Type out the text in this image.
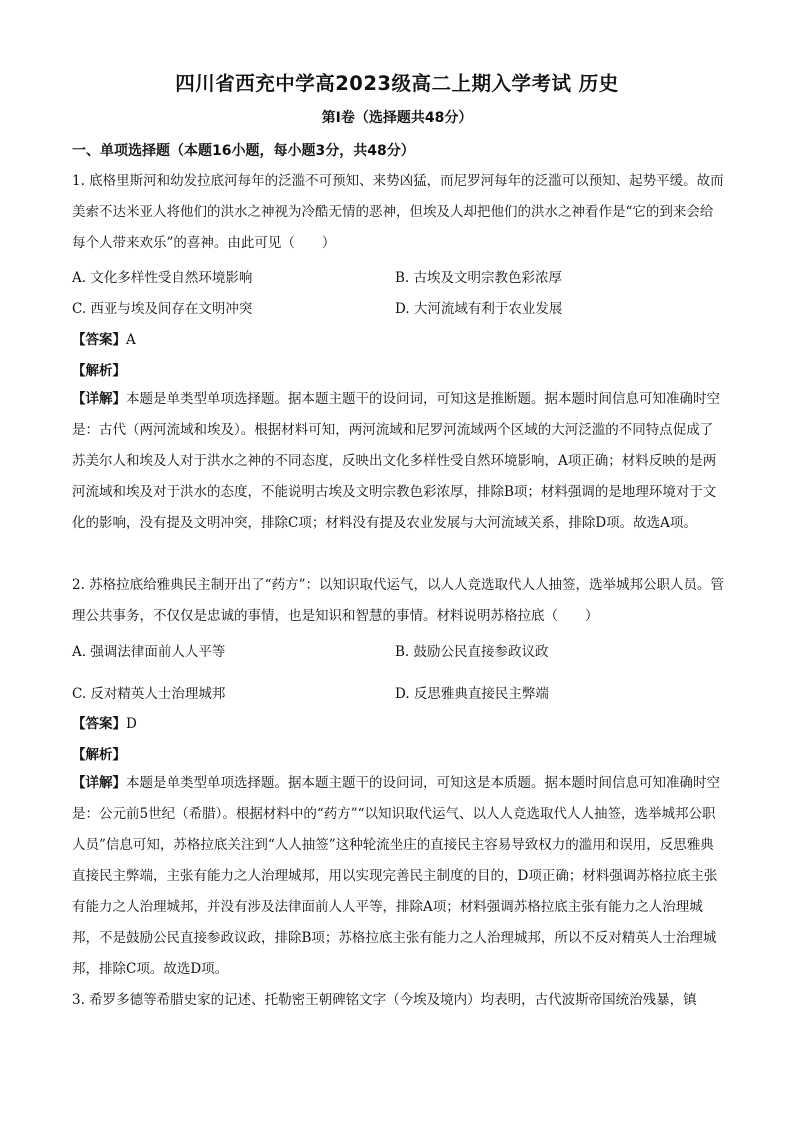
四川省西充中学高2023级高二上期入学考试 历史
第Ⅰ卷（选择题共48分）
一、单项选择题（本题16小题，每小题3分，共48分）

1. 底格里斯河和幼发拉底河每年的泛滥不可预知、来势凶猛，而尼罗河每年的泛滥可以预知、起势平缓。故而美索不达米亚人将他们的洪水之神视为冷酷无情的恶神，但埃及人却把他们的洪水之神看作是“它的到来会给每个人带来欢乐”的喜神。由此可见（　　）

A. 文化多样性受自然环境影响	B. 古埃及文明宗教色彩浓厚
C. 西亚与埃及间存在文明冲突	D. 大河流域有利于农业发展
【答案】A
【解析】

【详解】本题是单类型单项选择题。据本题主题干的设问词，可知这是推断题。据本题时间信息可知准确时空是：古代（两河流域和埃及）。根据材料可知，两河流域和尼罗河流域两个区域的大河泛滥的不同特点促成了苏美尔人和埃及人对于洪水之神的不同态度，反映出文化多样性受自然环境影响，A项正确；材料反映的是两河流域和埃及对于洪水的态度，不能说明古埃及文明宗教色彩浓厚，排除B项；材料强调的是地理环境对于文化的影响，没有提及文明冲突，排除C项；材料没有提及农业发展与大河流域关系，排除D项。故选A项。

2. 苏格拉底给雅典民主制开出了“药方”：以知识取代运气，以人人竞选取代人人抽签，选举城邦公职人员。管理公共事务，不仅仅是忠诚的事情，也是知识和智慧的事情。材料说明苏格拉底（　　）

A. 强调法律面前人人平等	B. 鼓励公民直接参政议政
C. 反对精英人士治理城邦	D. 反思雅典直接民主弊端
【答案】D
【解析】

【详解】本题是单类型单项选择题。据本题主题干的设问词，可知这是本质题。据本题时间信息可知准确时空是：公元前5世纪（希腊）。根据材料中的“药方”“以知识取代运气、以人人竞选取代人人抽签，选举城邦公职人员”信息可知，苏格拉底关注到“人人抽签”这种轮流坐庄的直接民主容易导致权力的滥用和误用，反思雅典直接民主弊端，主张有能力之人治理城邦，用以实现完善民主制度的目的，D项正确；材料强调苏格拉底主张有能力之人治理城邦，并没有涉及法律面前人人平等，排除A项；材料强调苏格拉底主张有能力之人治理城邦，不是鼓励公民直接参政议政，排除B项；苏格拉底主张有能力之人治理城邦，所以不反对精英人士治理城邦，排除C项。故选D项。

3. 希罗多德等希腊史家的记述、托勒密王朝碑铭文字（今埃及境内）均表明，古代波斯帝国统治残暴，镇
